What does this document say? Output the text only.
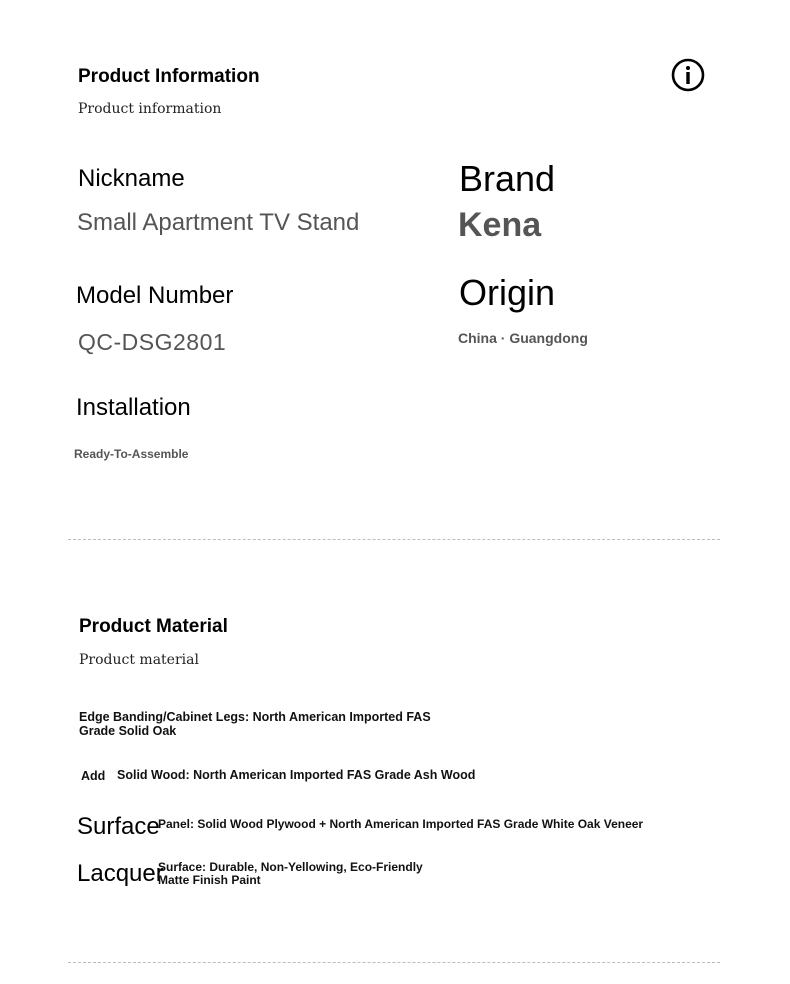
Product Information
Product information
Nickname
Small Apartment TV Stand
Brand
Kena
Model Number
QC-DSG2801
Origin
China · Guangdong
Installation
Ready-To-Assemble
Product Material
Product material
Edge Banding/Cabinet Legs: North American Imported FAS
Grade Solid Oak
Add Solid Wood: North American Imported FAS Grade Ash Wood
Surface
Panel: Solid Wood Plywood + North American Imported FAS Grade White Oak Veneer
Lacquer
Surface: Durable, Non-Yellowing, Eco-Friendly
Matte Finish Paint
